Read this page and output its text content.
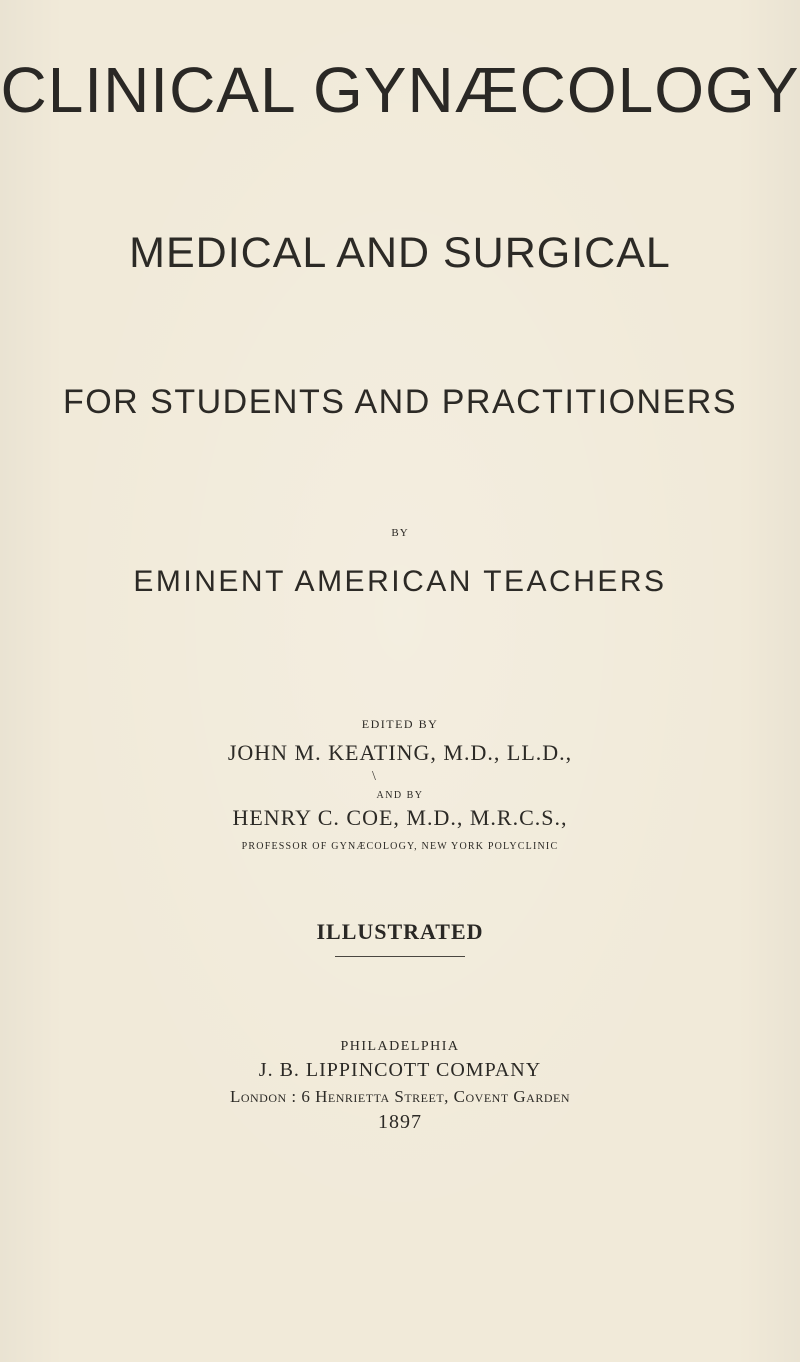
CLINICAL GYNÆCOLOGY
MEDICAL AND SURGICAL
FOR STUDENTS AND PRACTITIONERS
BY
EMINENT AMERICAN TEACHERS
EDITED BY
JOHN M. KEATING, M.D., LL.D.,
\
AND BY
HENRY C. COE, M.D., M.R.C.S.,
PROFESSOR OF GYNÆCOLOGY, NEW YORK POLYCLINIC
ILLUSTRATED
PHILADELPHIA
J. B. LIPPINCOTT COMPANY
London : 6 Henrietta Street, Covent Garden
1897
